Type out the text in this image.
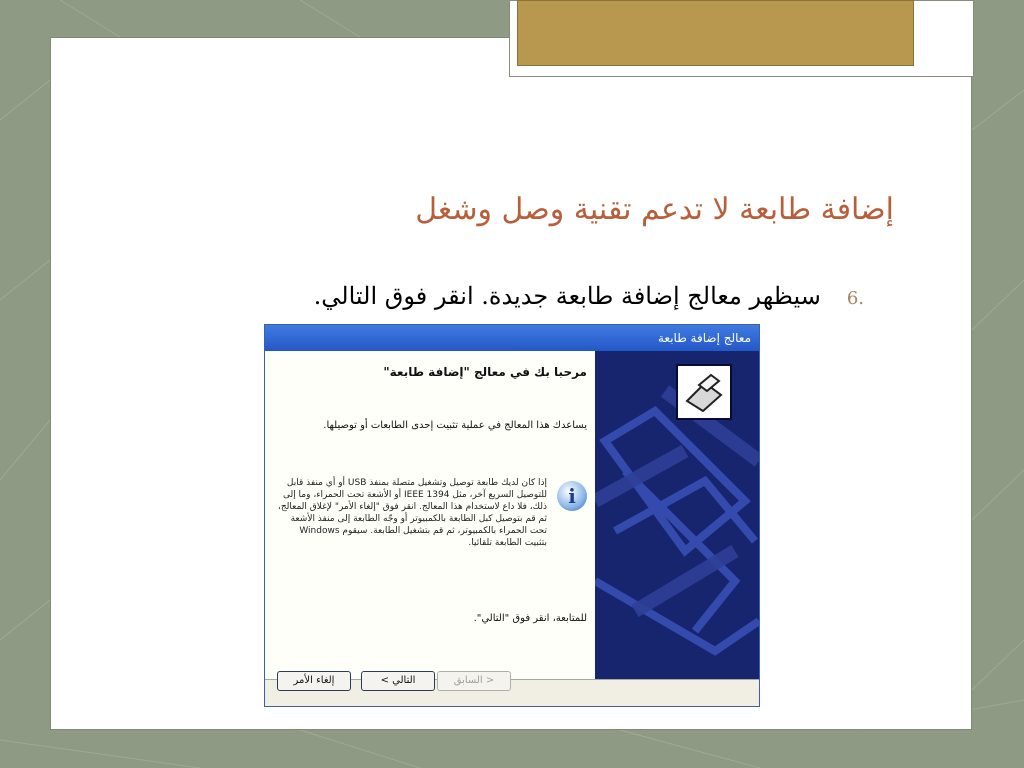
إضافة طابعة لا تدعم تقنية وصل وشغل
.6سيظهر معالج إضافة طابعة جديدة. انقر فوق التالي.
معالج إضافة طابعة
مرحبا بك في معالج "إضافة طابعة"
يساعدك هذا المعالج في عملية تثبيت إحدى الطابعات أو توصيلها.
i
إذا كان لديك طابعة توصيل وتشغيل متصلة بمنفذ USB أو أي منفذ قابل للتوصيل السريع آخر، مثل IEEE 1394 أو الأشعة تحت الحمراء، وما إلى ذلك، فلا داع لاستخدام هذا المعالج. انقر فوق "إلغاء الأمر" لإغلاق المعالج، ثم قم بتوصيل كبل الطابعة بالكمبيوتر أو وجّه الطابعة إلى منفذ الأشعة تحت الحمراء بالكمبيوتر، ثم قم بتشغيل الطابعة. سيقوم Windows بتثبيت الطابعة تلقائيا.
للمتابعة، انقر فوق "التالي".
إلغاء الأمر	التالي >	< السابق
